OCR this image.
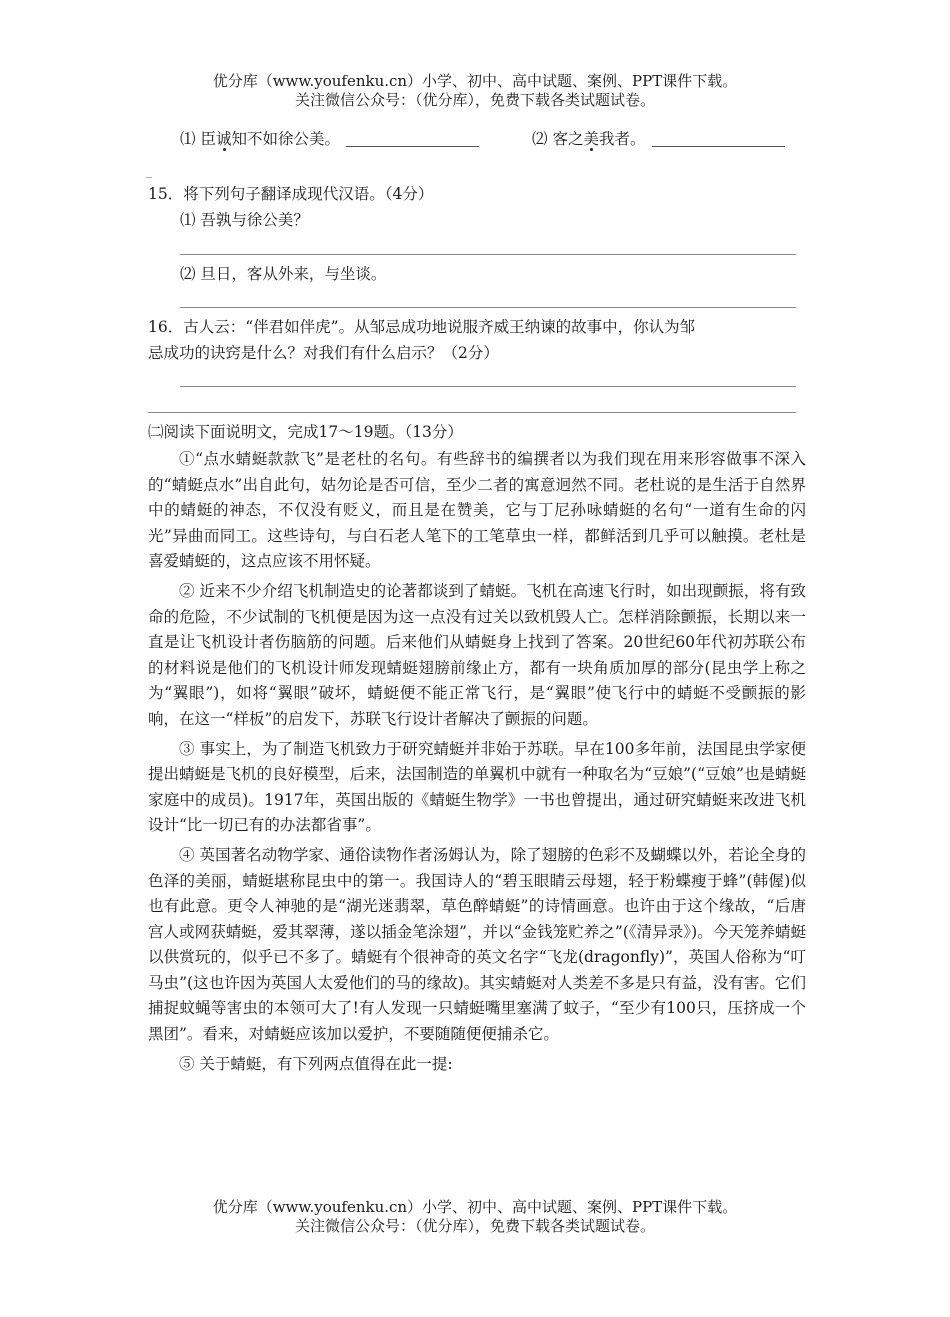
优分库（www.youfenku.cn）小学、初中、高中试题、案例、PPT课件下载。
关注微信公众号：（优分库），免费下载各类试题试卷。
⑴ 臣诚知不如徐公美。	⑵ 客之美我者。
_
15．将下列句子翻译成现代汉语。（4分）
⑴ 吾孰与徐公美？
⑵ 旦日，客从外来，与坐谈。
16．古人云：“伴君如伴虎”。从邹忌成功地说服齐威王纳谏的故事中，你认为邹
忌成功的诀窍是什么？对我们有什么启示？（2分）
㈡阅读下面说明文，完成17～19题。（13分）

①“点水蜻蜓款款飞”是老杜的名句。有些辞书的编撰者以为我们现在用来形容做事不深入的“蜻蜓点水”出自此句，姑勿论是否可信，至少二者的寓意迥然不同。老杜说的是生活于自然界中的蜻蜓的神态，不仅没有贬义，而且是在赞美，它与丁尼孙咏蜻蜓的名句“一道有生命的闪光”异曲而同工。这些诗句，与白石老人笔下的工笔草虫一样，都鲜活到几乎可以触摸。老杜是喜爱蜻蜓的，这点应该不用怀疑。

② 近来不少介绍飞机制造史的论著都谈到了蜻蜓。飞机在高速飞行时，如出现颤振，将有致命的危险，不少试制的飞机便是因为这一点没有过关以致机毁人亡。怎样消除颤振，长期以来一直是让飞机设计者伤脑筋的问题。后来他们从蜻蜓身上找到了答案。20世纪60年代初苏联公布的材料说是他们的飞机设计师发现蜻蜓翅膀前缘止方，都有一块角质加厚的部分(昆虫学上称之为“翼眼”)，如将“翼眼”破坏，蜻蜓便不能正常飞行，是“翼眼”使飞行中的蜻蜓不受颤振的影响，在这一“样板”的启发下，苏联飞行设计者解决了颤振的问题。

③ 事实上，为了制造飞机致力于研究蜻蜓并非始于苏联。早在100多年前，法国昆虫学家便提出蜻蜓是飞机的良好模型，后来，法国制造的单翼机中就有一种取名为“豆娘”(“豆娘”也是蜻蜓家庭中的成员)。1917年，英国出版的《蜻蜓生物学》一书也曾提出，通过研究蜻蜓来改进飞机设计“比一切已有的办法都省事”。

④ 英国著名动物学家、通俗读物作者汤姆认为，除了翅膀的色彩不及蝴蝶以外，若论全身的色泽的美丽，蜻蜓堪称昆虫中的第一。我国诗人的“碧玉眼睛云母翅，轻于粉蝶瘦于蜂”(韩偓)似也有此意。更令人神驰的是“湖光迷翡翠，草色醉蜻蜓”的诗情画意。也许由于这个缘故，“后唐宫人或网获蜻蜓，爱其翠薄，遂以插金笔涂翅”，并以“金钱笼贮养之”(《清异录》)。今天笼养蜻蜓以供赏玩的，似乎已不多了。蜻蜓有个很神奇的英文名字“飞龙(dragonfly)”，英国人俗称为“叮马虫”(这也许因为英国人太爱他们的马的缘故)。其实蜻蜓对人类差不多是只有益，没有害。它们捕捉蚊蝇等害虫的本领可大了!有人发现一只蜻蜓嘴里塞满了蚊子，“至少有100只，压挤成一个黑团”。看来，对蜻蜓应该加以爱护，不要随随便便捕杀它。

⑤ 关于蜻蜓，有下列两点值得在此一提:

优分库（www.youfenku.cn）小学、初中、高中试题、案例、PPT课件下载。
关注微信公众号：（优分库），免费下载各类试题试卷。
